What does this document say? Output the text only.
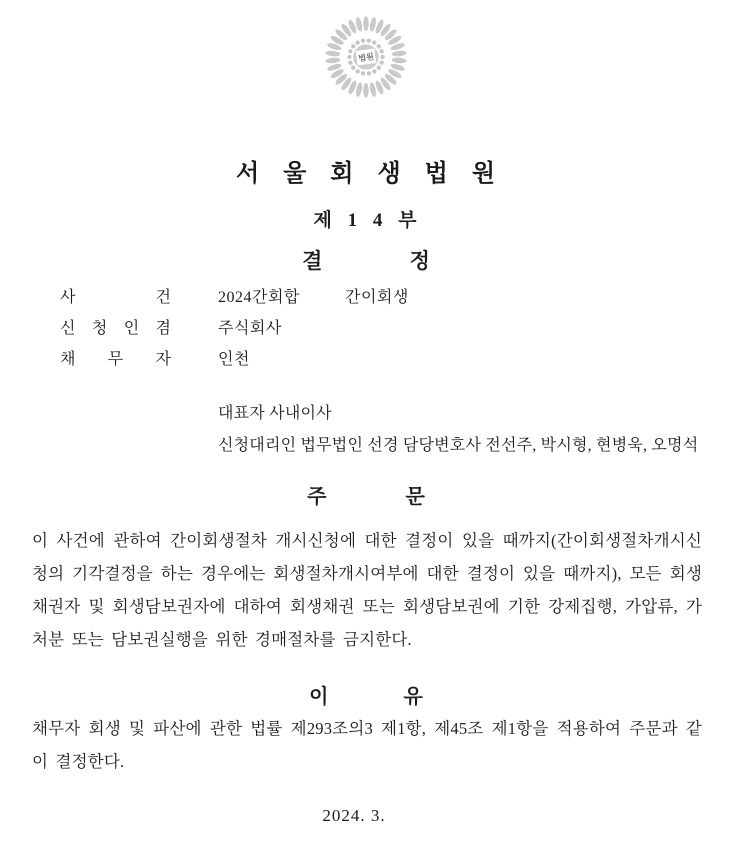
법원
서 울 회 생 법 원
제 1 4 부
결 정
사 건	2024간회합	간이회생
신 청 인 겸	주식회사
채 무 자	인천
대표자 사내이사
신청대리인 법무법인 선경 담당변호사 전선주, 박시형, 현병욱, 오명석
주 문
이 사건에 관하여 간이회생절차 개시신청에 대한 결정이 있을 때까지(간이회생절차개시신청의 기각결정을 하는 경우에는 회생절차개시여부에 대한 결정이 있을 때까지), 모든 회생채권자 및 회생담보권자에 대하여 회생채권 또는 회생담보권에 기한 강제집행, 가압류, 가처분 또는 담보권실행을 위한 경매절차를 금지한다.
이 유
채무자 회생 및 파산에 관한 법률 제293조의3 제1항, 제45조 제1항을 적용하여 주문과 같이 결정한다.
2024. 3.
